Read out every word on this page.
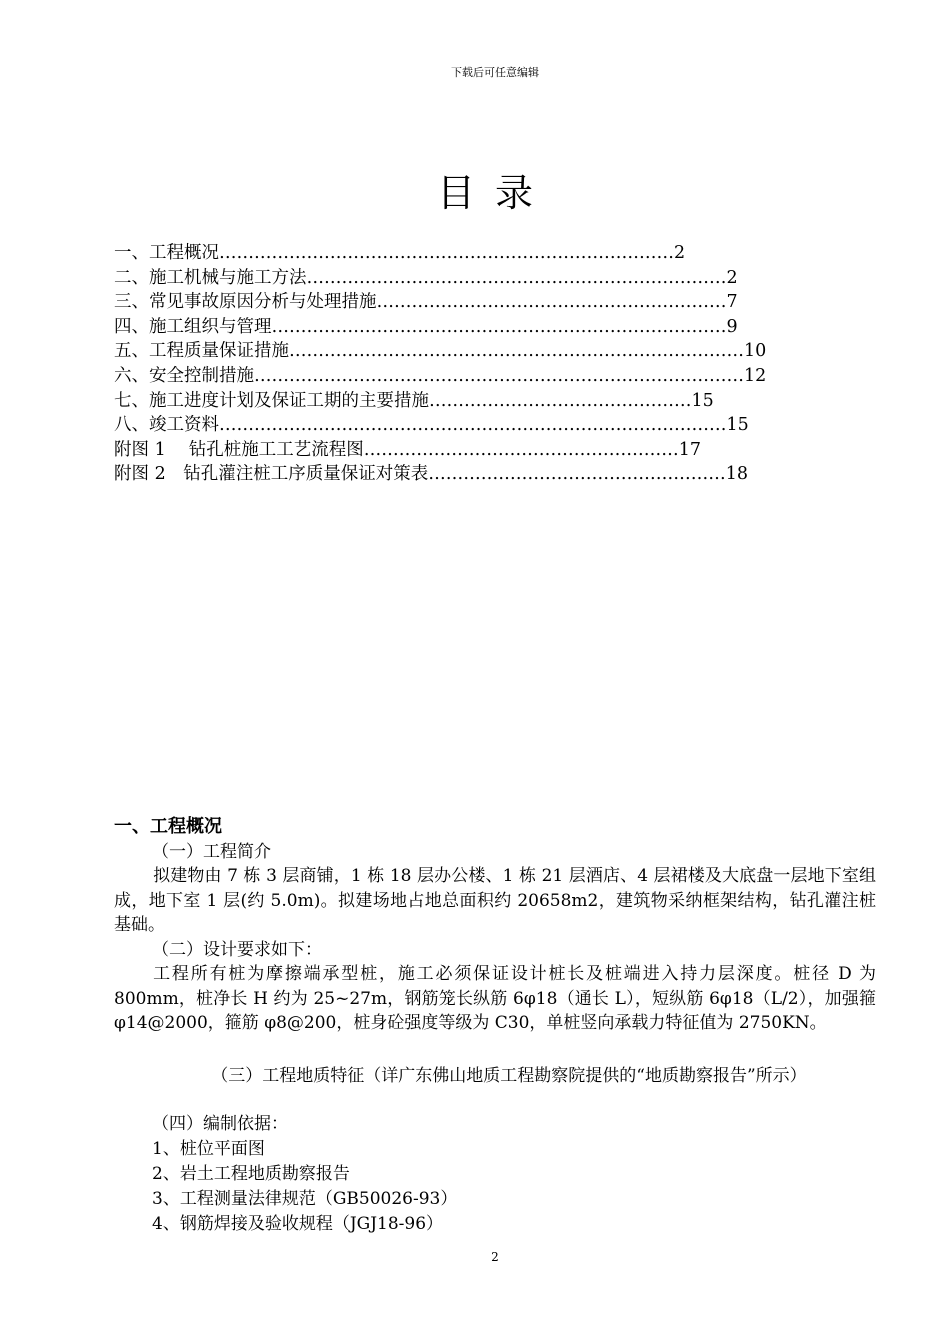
下载后可任意编辑
目录
一、工程概况……………………………………………………………………2
二、施工机械与施工方法………………………………………………………………2
三、常见事故原因分析与处理措施……………………………………………………7
四、施工组织与管理……………………………………………………………………9
五、工程质量保证措施……………………………………………………………………10
六、安全控制措施…………………………………………………………………………12
七、施工进度计划及保证工期的主要措施………………………………………15
八、竣工资料……………………………………………………………………………15
附图 1　 钻孔桩施工工艺流程图………………………………………………17
附图 2　钻孔灌注桩工序质量保证对策表……………………………………………18
一、工程概况
（一）工程简介
拟建物由 7 栋 3 层商铺，1 栋 18 层办公楼、1 栋 21 层酒店、4 层裙楼及大底盘一层地下室组成，地下室 1 层(约 5.0m)。拟建场地占地总面积约 20658m2，建筑物采纳框架结构，钻孔灌注桩基础。
（二）设计要求如下：
工程所有桩为摩擦端承型桩，施工必须保证设计桩长及桩端进入持力层深度。桩径 D 为 800mm，桩净长 H 约为 25~27m，钢筋笼长纵筋 6φ18（通长 L），短纵筋 6φ18（L/2），加强箍 φ14@2000，箍筋 φ8@200，桩身砼强度等级为 C30，单桩竖向承载力特征值为 2750KN。
（三）工程地质特征（详广东佛山地质工程勘察院提供的“地质勘察报告”所示）
（四）编制依据：
1、桩位平面图
2、岩土工程地质勘察报告
3、工程测量法律规范（GB50026-93）
4、钢筋焊接及验收规程（JGJ18-96）
2
